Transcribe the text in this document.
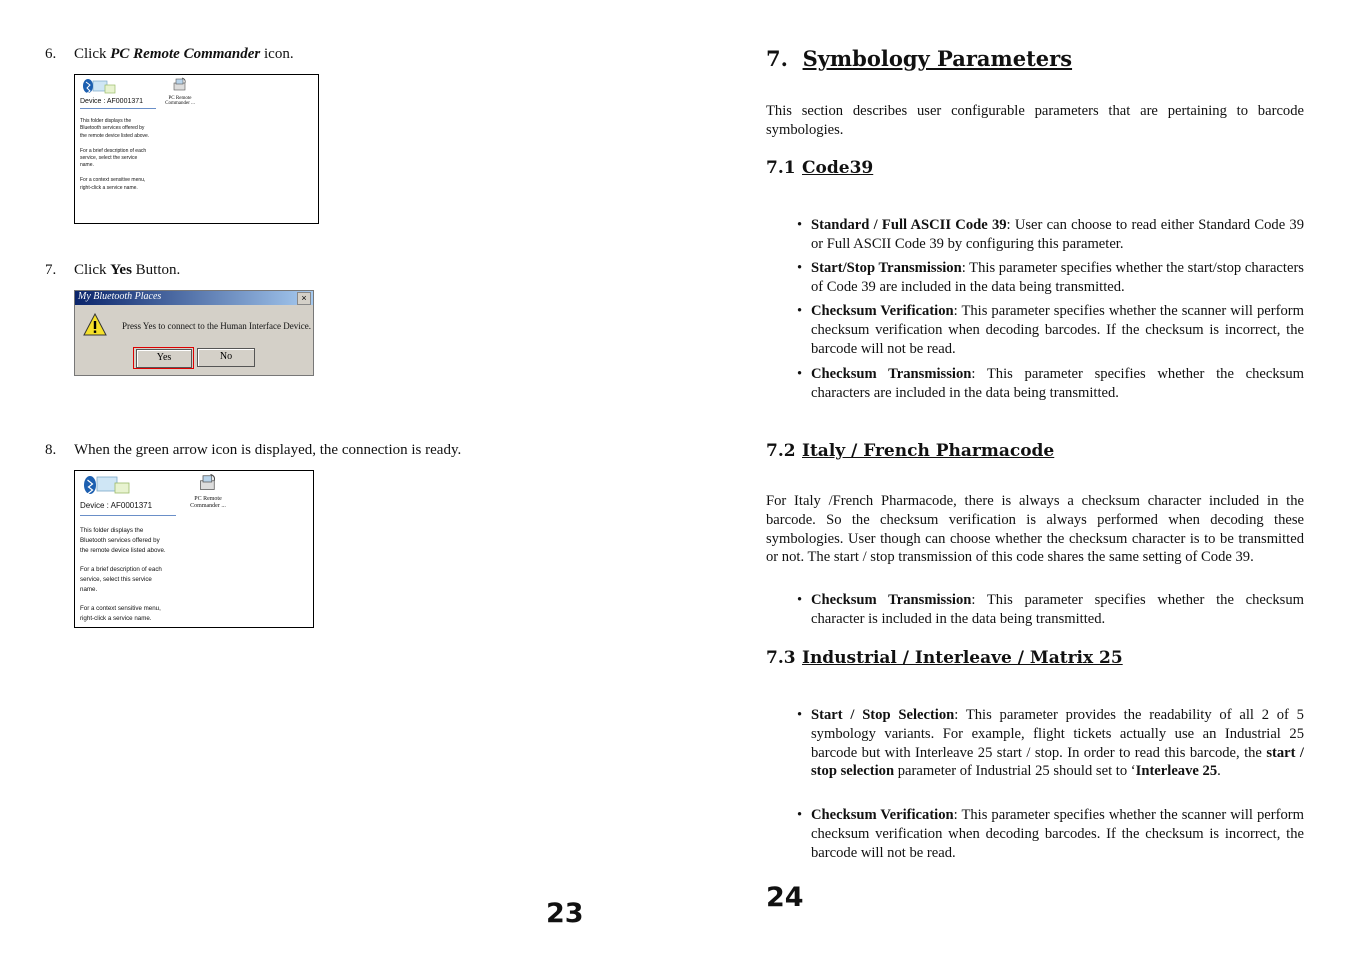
6. Click PC Remote Commander icon.
Device : AF0001371	PC Remote
Commander ...
This folder displays the
Bluetooth services offered by
the remote device listed above.
For a brief description of each
service, select the service
name.
For a context sensitive menu,
right-click a service name.
7. Click Yes Button.
My Bluetooth Places	×
Press Yes to connect to the Human Interface Device.
Yes	No
8. When the green arrow icon is displayed, the connection is ready.
Device : AF0001371
PC Remote
Commander ...
This folder displays the
Bluetooth services offered by
the remote device listed above.
For a brief description of each
service, select this service
name.
For a context sensitive menu,
right-click a service name.
23
7. Symbology Parameters
This section describes user configurable parameters that are pertaining to barcode symbologies.
7.1 Code39
• Standard / Full ASCII Code 39: User can choose to read either Standard Code 39 or Full ASCII Code 39 by configuring this parameter.
• Start/Stop Transmission: This parameter specifies whether the start/stop characters of Code 39 are included in the data being transmitted.
• Checksum Verification: This parameter specifies whether the scanner will perform checksum verification when decoding barcodes. If the checksum is incorrect, the barcode will not be read.
• Checksum Transmission: This parameter specifies whether the checksum characters are included in the data being transmitted.
7.2 Italy / French Pharmacode
For Italy /French Pharmacode, there is always a checksum character included in the barcode. So the checksum verification is always performed when decoding these symbologies. User though can choose whether the checksum character is to be transmitted or not. The start / stop transmission of this code shares the same setting of Code 39.
• Checksum Transmission: This parameter specifies whether the checksum character is included in the data being transmitted.
7.3 Industrial / Interleave / Matrix 25
• Start / Stop Selection: This parameter provides the readability of all 2 of 5 symbology variants. For example, flight tickets actually use an Industrial 25 barcode but with Interleave 25 start / stop. In order to read this barcode, the start / stop selection parameter of Industrial 25 should set to ‘Interleave 25.
• Checksum Verification: This parameter specifies whether the scanner will perform checksum verification when decoding barcodes. If the checksum is incorrect, the barcode will not be read.
24
